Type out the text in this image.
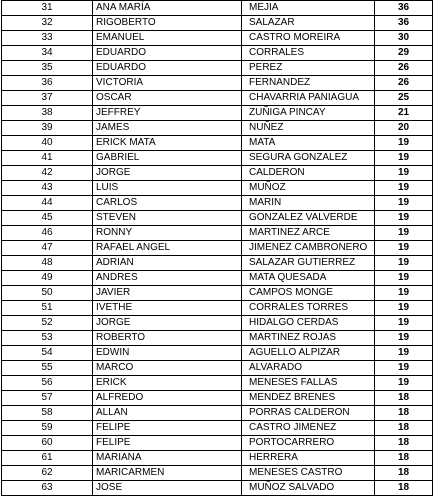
31	ANA MARÍA	MEJIA	36
32	RIGOBERTO	SALAZAR	36
33	EMANUEL	CASTRO MOREIRA	30
34	EDUARDO	CORRALES	29
35	EDUARDO	PEREZ	26
36	VICTORIA	FERNANDEZ	26
37	OSCAR	CHAVARRIA PANIAGUA	25
38	JEFFREY	ZUÑIGA PINCAY	21
39	JAMES	NUÑEZ	20
40	ERICK MATA	MATA	19
41	GABRIEL	SEGURA GONZALEZ	19
42	JORGE	CALDERON	19
43	LUIS	MUÑOZ	19
44	CARLOS	MARIN	19
45	STEVEN	GONZALEZ VALVERDE	19
46	RONNY	MARTINEZ ARCE	19
47	RAFAEL ANGEL	JIMENEZ CAMBRONERO	19
48	ADRIAN	SALAZAR GUTIERREZ	19
49	ANDRES	MATA QUESADA	19
50	JAVIER	CAMPOS MONGE	19
51	IVETHE	CORRALES TORRES	19
52	JORGE	HIDALGO CERDAS	19
53	ROBERTO	MARTINEZ ROJAS	19
54	EDWIN	AGUELLO ALPIZAR	19
55	MARCO	ALVARADO	19
56	ERICK	MENESES FALLAS	19
57	ALFREDO	MENDEZ BRENES	18
58	ALLAN	PORRAS CALDERON	18
59	FELIPE	CASTRO JIMENEZ	18
60	FELIPE	PORTOCARRERO	18
61	MARIANA	HERRERA	18
62	MARICARMEN	MENESES CASTRO	18
63	JOSE	MUÑOZ SALVADO	18
